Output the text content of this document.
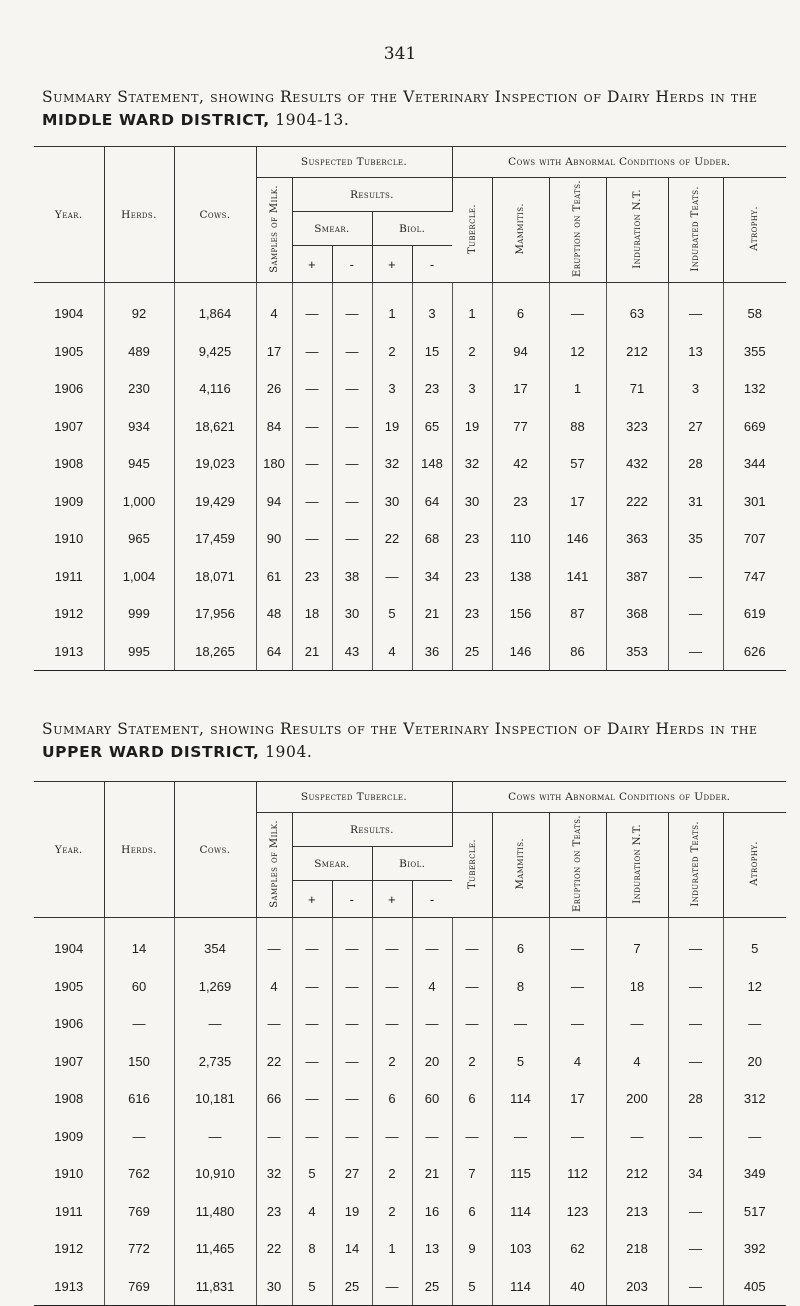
341
Summary Statement, showing Results of the Veterinary Inspection of Dairy Herds in the MIDDLE WARD DISTRICT, 1904-13.
Year.	Herds.	Cows.	Suspected Tubercle.					Cows with Abnormal Conditions of Udder.					
			Samples of Milk.	Results.				Tubercle.	Mammitis.	Eruption on Teats.	Induration N.T.	Indurated Teats.	Atrophy.
				Smear.		Biol.							
				+	-	+	-						
1904	92	1,864	4	—	—	1	3	1	6	—	63	—	58
1905	489	9,425	17	—	—	2	15	2	94	12	212	13	355
1906	230	4,116	26	—	—	3	23	3	17	1	71	3	132
1907	934	18,621	84	—	—	19	65	19	77	88	323	27	669
1908	945	19,023	180	—	—	32	148	32	42	57	432	28	344
1909	1,000	19,429	94	—	—	30	64	30	23	17	222	31	301
1910	965	17,459	90	—	—	22	68	23	110	146	363	35	707
1911	1,004	18,071	61	23	38	—	34	23	138	141	387	—	747
1912	999	17,956	48	18	30	5	21	23	156	87	368	—	619
1913	995	18,265	64	21	43	4	36	25	146	86	353	—	626
Summary Statement, showing Results of the Veterinary Inspection of Dairy Herds in the UPPER WARD DISTRICT, 1904.
Year.	Herds.	Cows.	Suspected Tubercle.					Cows with Abnormal Conditions of Udder.					
			Samples of Milk.	Results.				Tubercle.	Mammitis.	Eruption on Teats.	Induration N.T.	Indurated Teats.	Atrophy.
				Smear.		Biol.							
				+	-	+	-						
1904	14	354	—	—	—	—	—	—	6	—	7	—	5
1905	60	1,269	4	—	—	—	4	—	8	—	18	—	12
1906	—	—	—	—	—	—	—	—	—	—	—	—	—
1907	150	2,735	22	—	—	2	20	2	5	4	4	—	20
1908	616	10,181	66	—	—	6	60	6	114	17	200	28	312
1909	—	—	—	—	—	—	—	—	—	—	—	—	—
1910	762	10,910	32	5	27	2	21	7	115	112	212	34	349
1911	769	11,480	23	4	19	2	16	6	114	123	213	—	517
1912	772	11,465	22	8	14	1	13	9	103	62	218	—	392
1913	769	11,831	30	5	25	—	25	5	114	40	203	—	405
